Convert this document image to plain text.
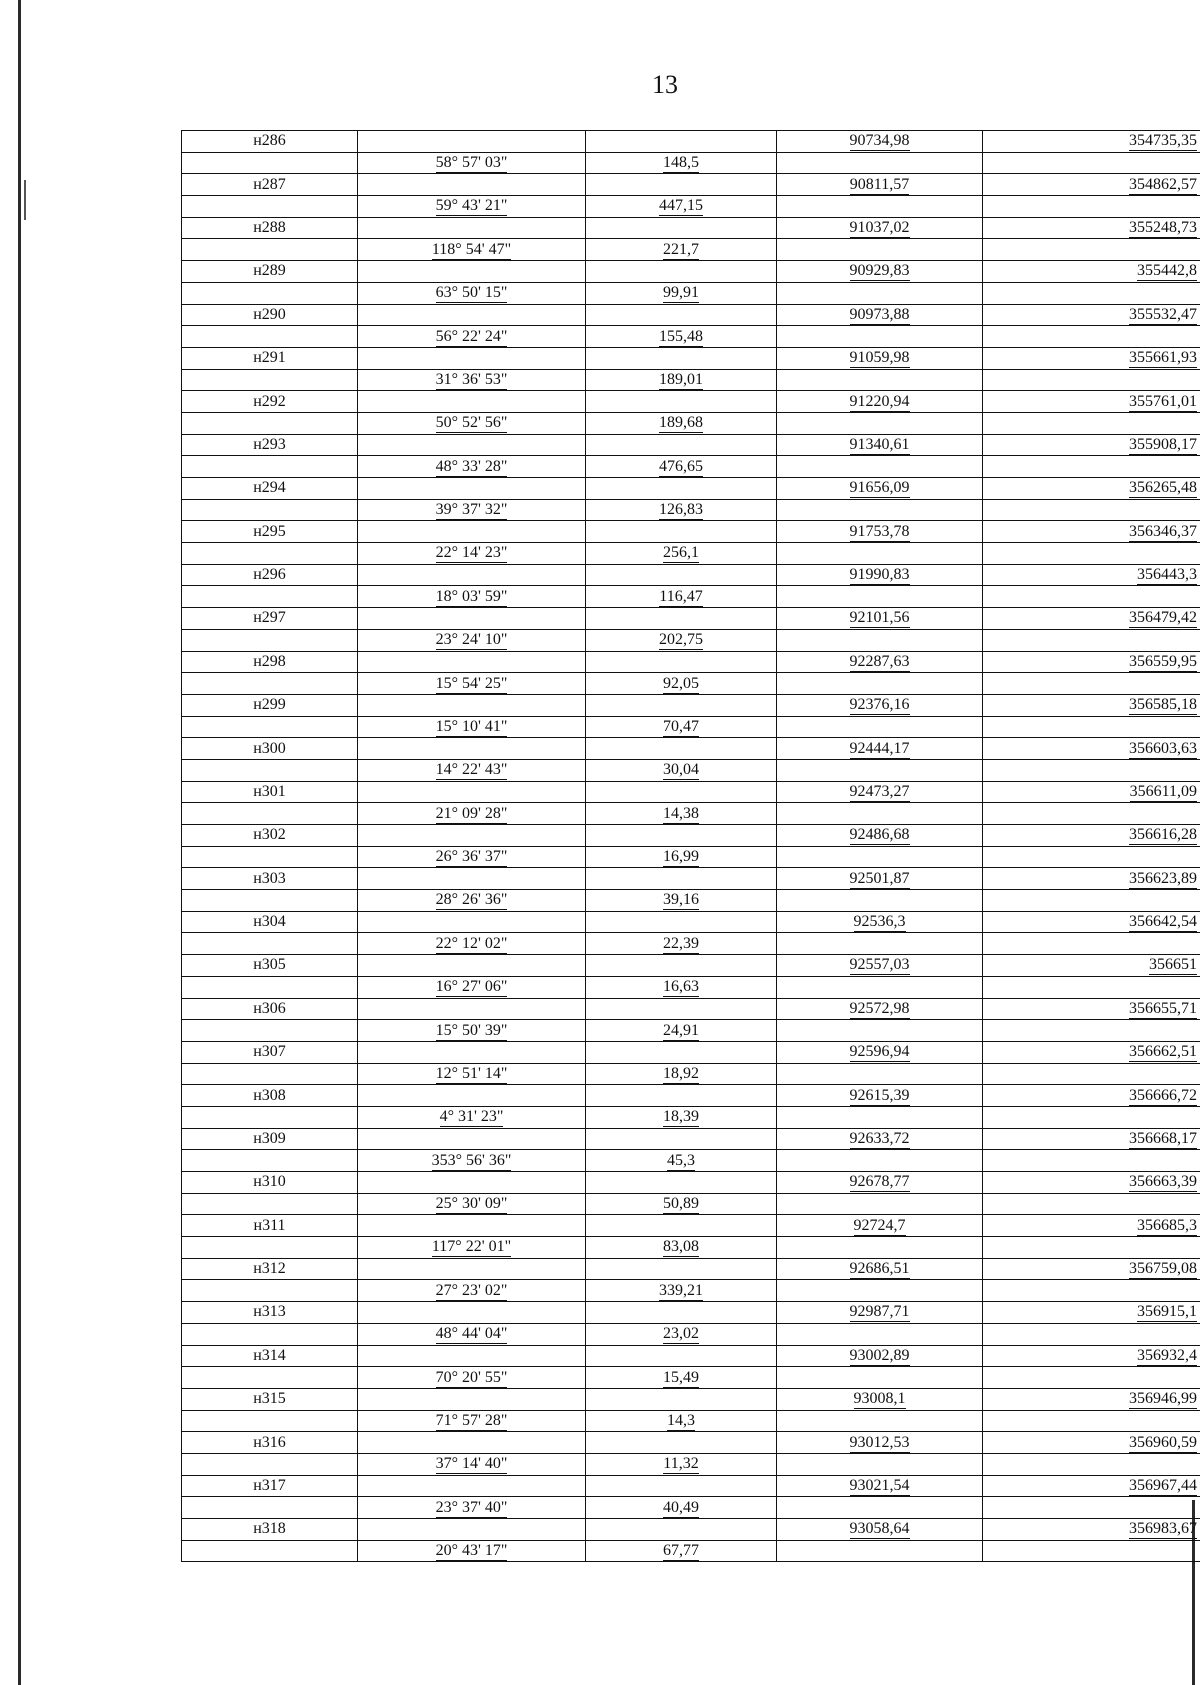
13
н286			90734,98	354735,35
	58° 57' 03"	148,5		
н287			90811,57	354862,57
	59° 43' 21"	447,15		
н288			91037,02	355248,73
	118° 54' 47"	221,7		
н289			90929,83	355442,8
	63° 50' 15"	99,91		
н290			90973,88	355532,47
	56° 22' 24"	155,48		
н291			91059,98	355661,93
	31° 36' 53"	189,01		
н292			91220,94	355761,01
	50° 52' 56"	189,68		
н293			91340,61	355908,17
	48° 33' 28"	476,65		
н294			91656,09	356265,48
	39° 37' 32"	126,83		
н295			91753,78	356346,37
	22° 14' 23"	256,1		
н296			91990,83	356443,3
	18° 03' 59"	116,47		
н297			92101,56	356479,42
	23° 24' 10"	202,75		
н298			92287,63	356559,95
	15° 54' 25"	92,05		
н299			92376,16	356585,18
	15° 10' 41"	70,47		
н300			92444,17	356603,63
	14° 22' 43"	30,04		
н301			92473,27	356611,09
	21° 09' 28"	14,38		
н302			92486,68	356616,28
	26° 36' 37"	16,99		
н303			92501,87	356623,89
	28° 26' 36"	39,16		
н304			92536,3	356642,54
	22° 12' 02"	22,39		
н305			92557,03	356651
	16° 27' 06"	16,63		
н306			92572,98	356655,71
	15° 50' 39"	24,91		
н307			92596,94	356662,51
	12° 51' 14"	18,92		
н308			92615,39	356666,72
	4° 31' 23"	18,39		
н309			92633,72	356668,17
	353° 56' 36"	45,3		
н310			92678,77	356663,39
	25° 30' 09"	50,89		
н311			92724,7	356685,3
	117° 22' 01"	83,08		
н312			92686,51	356759,08
	27° 23' 02"	339,21		
н313			92987,71	356915,1
	48° 44' 04"	23,02		
н314			93002,89	356932,4
	70° 20' 55"	15,49		
н315			93008,1	356946,99
	71° 57' 28"	14,3		
н316			93012,53	356960,59
	37° 14' 40"	11,32		
н317			93021,54	356967,44
	23° 37' 40"	40,49		
н318			93058,64	356983,67
	20° 43' 17"	67,77		
